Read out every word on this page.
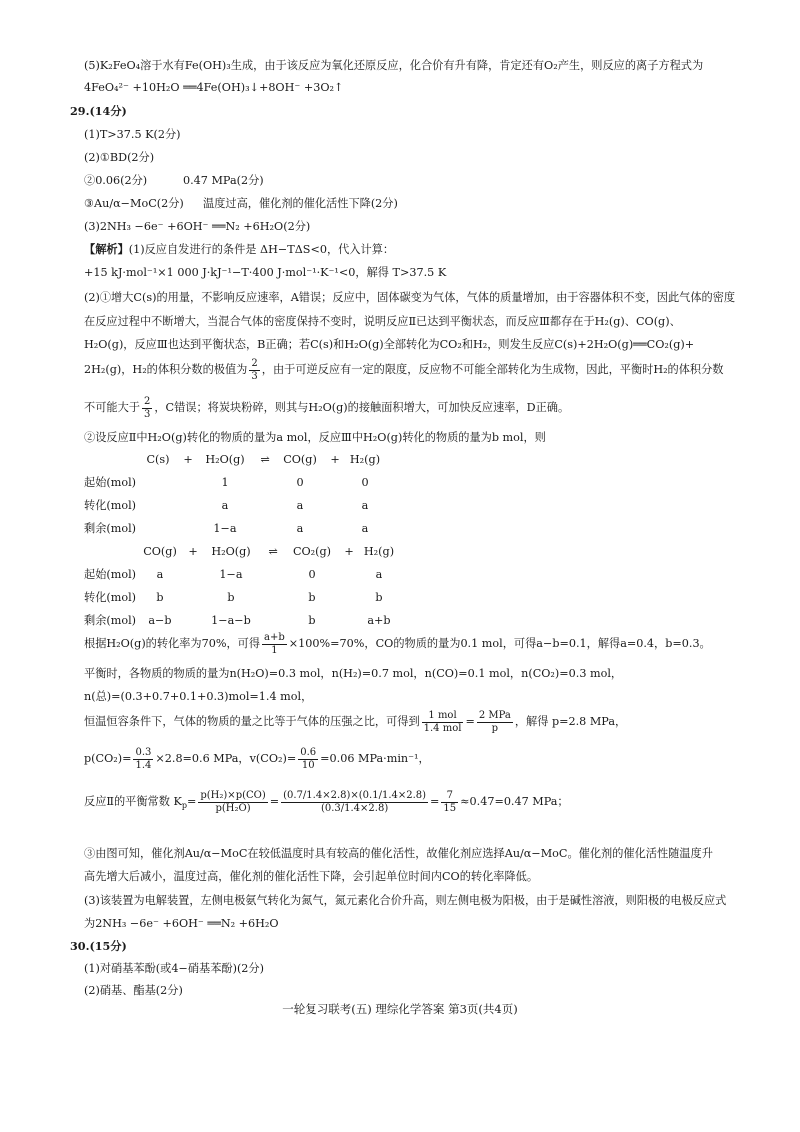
(5)K₂FeO₄溶于水有Fe(OH)₃生成，由于该反应为氧化还原反应，化合价有升有降，肯定还有O₂产生，则反应的离子方程式为
4FeO₄²⁻ +10H₂O ══4Fe(OH)₃↓+8OH⁻ +3O₂↑
29.(14分)
(1)T>37.5 K(2分)
(2)①BD(2分)
②0.06(2分)	0.47 MPa(2分)
③Au/α−MoC(2分) 温度过高，催化剂的催化活性下降(2分)
(3)2NH₃ −6e⁻ +6OH⁻ ══N₂ +6H₂O(2分)
【解析】(1)反应自发进行的条件是 ΔH−TΔS<0，代入计算：
+15 kJ·mol⁻¹×1 000 J·kJ⁻¹−T·400 J·mol⁻¹·K⁻¹<0，解得 T>37.5 K
(2)①增大C(s)的用量，不影响反应速率，A错误；反应中，固体碳变为气体，气体的质量增加，由于容器体积不变，因此气体的密度
在反应过程中不断增大，当混合气体的密度保持不变时，说明反应Ⅱ已达到平衡状态，而反应Ⅲ都存在于H₂(g)、CO(g)、
H₂O(g)，反应Ⅲ也达到平衡状态，B正确；若C(s)和H₂O(g)全部转化为CO₂和H₂，则发生反应C(s)+2H₂O(g)══CO₂(g)+
2H₂(g)，H₂的体积分数的极值为 $\frac{2}{3}$ ，由于可逆反应有一定的限度，反应物不可能全部转化为生成物，因此，平衡时H₂的体积分数
不可能大于 $\frac{2}{3}$ ，C错误；将炭块粉碎，则其与H₂O(g)的接触面积增大，可加快反应速率，D正确。
②设反应Ⅱ中H₂O(g)转化的物质的量为a mol，反应Ⅲ中H₂O(g)转化的物质的量为b mol，则
C(s)	+	H₂O(g)	⇌	CO(g)	+ H₂(g)
起始(mol)	1	0	0
转化(mol)	a	a	a
剩余(mol)	1−a	a	a
CO(g)	+	H₂O(g)	⇌	CO₂(g)	+ H₂(g)
起始(mol)	a	1−a	0	a
转化(mol)	b	b	b	b
剩余(mol)	a−b	1−a−b	b	a+b
根据H₂O(g)的转化率为70%，可得 $\frac{a+b}{1} \times 100\%=70\%$，CO的物质的量为0.1 mol，可得a−b=0.1，解得a=0.4，b=0.3。
平衡时，各物质的物质的量为n(H₂O)=0.3 mol，n(H₂)=0.7 mol，n(CO)=0.1 mol，n(CO₂)=0.3 mol，
n(总)=(0.3+0.7+0.1+0.3)mol=1.4 mol，
恒温恒容条件下，气体的物质的量之比等于气体的压强之比，可得到 $\frac{\text{1 mol}}{\text{1.4 mol}} = \frac{\text{2 MPa}}{p}$ ，解得 p=2.8 MPa，
$p(CO_2)= \frac{0.3}{1.4} \times 2.8=0.6$ MPa，$v(CO_2)= \frac{0.6}{10} =0.06$ MPa·min⁻¹，
反应Ⅱ的平衡常数 $K_p= \frac{\text{p(H₂)×p(CO)}}{\text{p(H₂O)}} = \frac{(0.7/1.4\times 2.8)\times(0.1/1.4\times 2.8)}{(0.3/1.4\times 2.8)} = \frac{7}{15} \approx 0.47=0.47$ MPa；
③由图可知，催化剂Au/α−MoC在较低温度时具有较高的催化活性，故催化剂应选择Au/α−MoC。催化剂的催化活性随温度升
高先增大后减小，温度过高，催化剂的催化活性下降，会引起单位时间内CO的转化率降低。
(3)该装置为电解装置，左侧电极氨气转化为氮气，氮元素化合价升高，则左侧电极为阳极，由于是碱性溶液，则阳极的电极反应式
为2NH₃ −6e⁻ +6OH⁻ ══N₂ +6H₂O
30.(15分)
(1)对硝基苯酚(或4−硝基苯酚)(2分)
(2)硝基、酯基(2分)
一轮复习联考(五) 理综化学答案 第3页(共4页)
